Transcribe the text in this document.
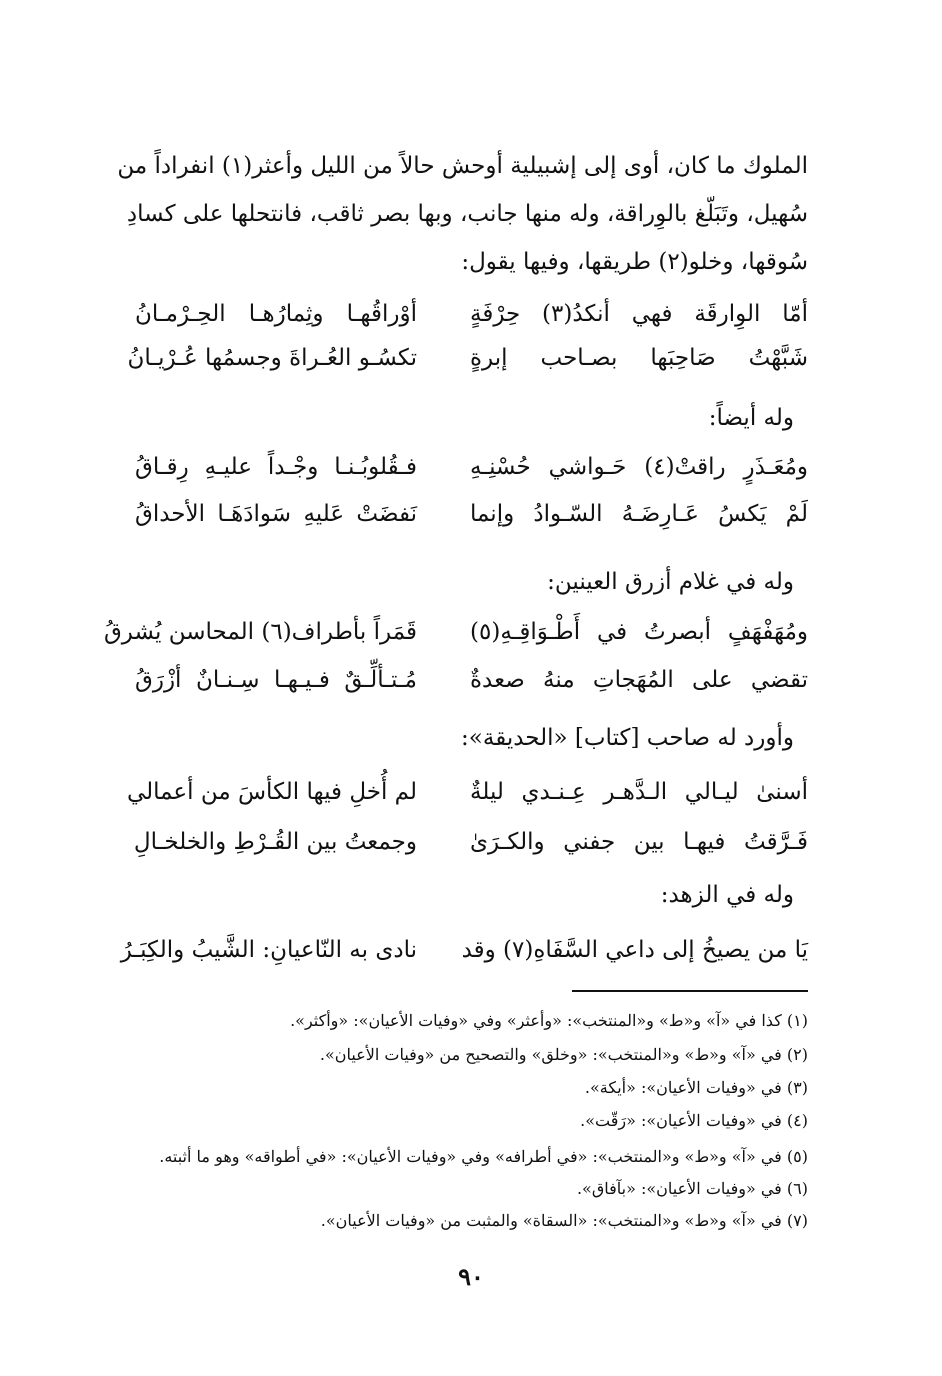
الملوك ما كان، أوى إلى إشبيلية أوحش حالاً من الليل وأعثر(١) انفراداً من
سُهيل، وتَبَلّغ بالوِراقة، وله منها جانب، وبها بصر ثاقب، فانتحلها على كسادِ
سُوقها، وخلو(٢) طريقها، وفيها يقول:
أمّا الوِارقَة فهي أنكدُ(٣) حِرْفَةٍ
أوْراقُهـا وثِمارُهـا الحِـرْمـانُ
شَبَّهْتُ صَاحِبَها بصـاحب إبرةٍ
تكسُـو العُـراةَ وجسمُها عُـرْيـانُ
وله أيضاً:
ومُعَـذَرٍ راقتْ(٤) حَـواشي حُسْنِـهِ
فـقُلوبُـنـا وجْـداً عليـهِ رِقـاقُ
لَمْ يَكسُ عَـارِضَـهُ السّـوادُ وإنما
نَفضَتْ عَليهِ سَوادَهَـا الأحداقُ
وله في غلام أزرق العينين:
ومُهَفْهَفٍ أبصرتُ في أَطْـوَاقِـهِ(٥)
قَمَراً بأطراف(٦) المحاسن يُشرقُ
تقضي على المُهَجاتِ منهُ صعدةٌ
مُـتـألِّـقٌ فـيـهـا سِـنـانٌ أزْرَقُ
وأورد له صاحب [كتاب] «الحديقة»:
أسنىٰ ليـالي الـدَّهـر عِـنـدي ليلةٌ
لم أُخلِ فيها الكأسَ من أعمالي
فَـرَّقتُ فيهـا بين جفني والكـرَىٰ
وجمعتُ بين القُـرْطِ والخلخـالِ
وله في الزهد:
يَا من يصيخُ إلى داعي السَّفَاهِ(٧) وقد
نادى به النّاعيانِ: الشَّيبُ والكِبَـرُ
(١) كذا في «آ» و«ط» و«المنتخب»: «وأعثر» وفي «وفيات الأعيان»: «وأكثر».
(٢) في «آ» و«ط» و«المنتخب»: «وخلق» والتصحيح من «وفيات الأعيان».
(٣) في «وفيات الأعيان»: «أيكة».
(٤) في «وفيات الأعيان»: «رَقّت».
(٥) في «آ» و«ط» و«المنتخب»: «في أطرافه» وفي «وفيات الأعيان»: «في أطواقه» وهو ما أثبته.
(٦) في «وفيات الأعيان»: «بآفاق».
(٧) في «آ» و«ط» و«المنتخب»: «السقاة» والمثبت من «وفيات الأعيان».
٩٠
